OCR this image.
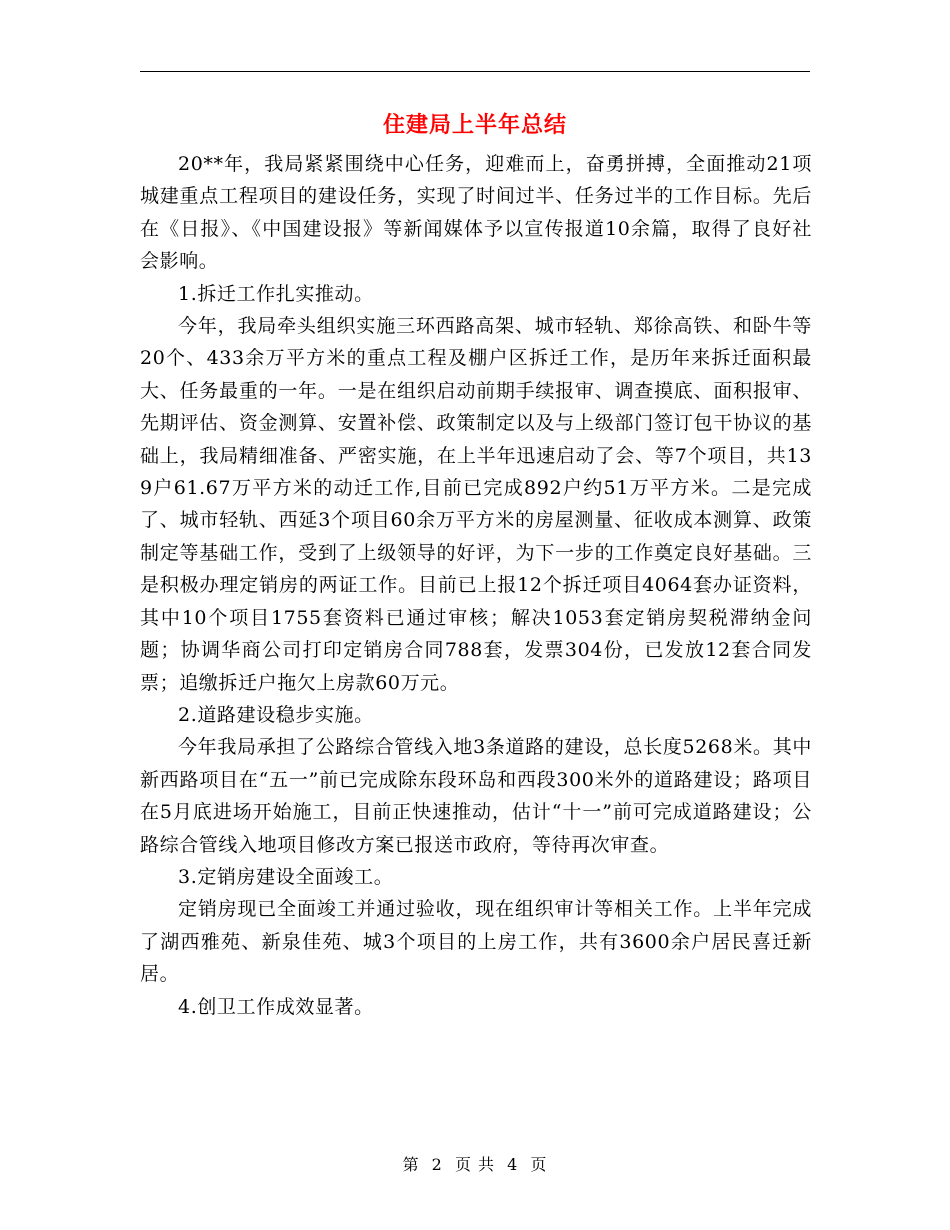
住建局上半年总结

20**年，我局紧紧围绕中心任务，迎难而上，奋勇拼搏，全面推动21项城建重点工程项目的建设任务，实现了时间过半、任务过半的工作目标。先后在《日报》、《中国建设报》等新闻媒体予以宣传报道10余篇，取得了良好社会影响。

1.拆迁工作扎实推动。

今年，我局牵头组织实施三环西路高架、城市轻轨、郑徐高铁、和卧牛等20个、433余万平方米的重点工程及棚户区拆迁工作，是历年来拆迁面积最大、任务最重的一年。一是在组织启动前期手续报审、调查摸底、面积报审、先期评估、资金测算、安置补偿、政策制定以及与上级部门签订包干协议的基础上，我局精细准备、严密实施，在上半年迅速启动了会、等7个项目，共139户61.67万平方米的动迁工作,目前已完成892户约51万平方米。二是完成了、城市轻轨、西延3个项目60余万平方米的房屋测量、征收成本测算、政策制定等基础工作，受到了上级领导的好评，为下一步的工作奠定良好基础。三是积极办理定销房的两证工作。目前已上报12个拆迁项目4064套办证资料，其中10个项目1755套资料已通过审核；解决1053套定销房契税滞纳金问题；协调华商公司打印定销房合同788套，发票304份，已发放12套合同发票；追缴拆迁户拖欠上房款60万元。

2.道路建设稳步实施。

今年我局承担了公路综合管线入地3条道路的建设，总长度5268米。其中新西路项目在“五一”前已完成除东段环岛和西段300米外的道路建设；路项目在5月底进场开始施工，目前正快速推动，估计“十一”前可完成道路建设；公路综合管线入地项目修改方案已报送市政府，等待再次审查。

3.定销房建设全面竣工。

定销房现已全面竣工并通过验收，现在组织审计等相关工作。上半年完成了湖西雅苑、新泉佳苑、城3个项目的上房工作，共有3600余户居民喜迁新居。

4.创卫工作成效显著。

第 2 页 共 4 页
